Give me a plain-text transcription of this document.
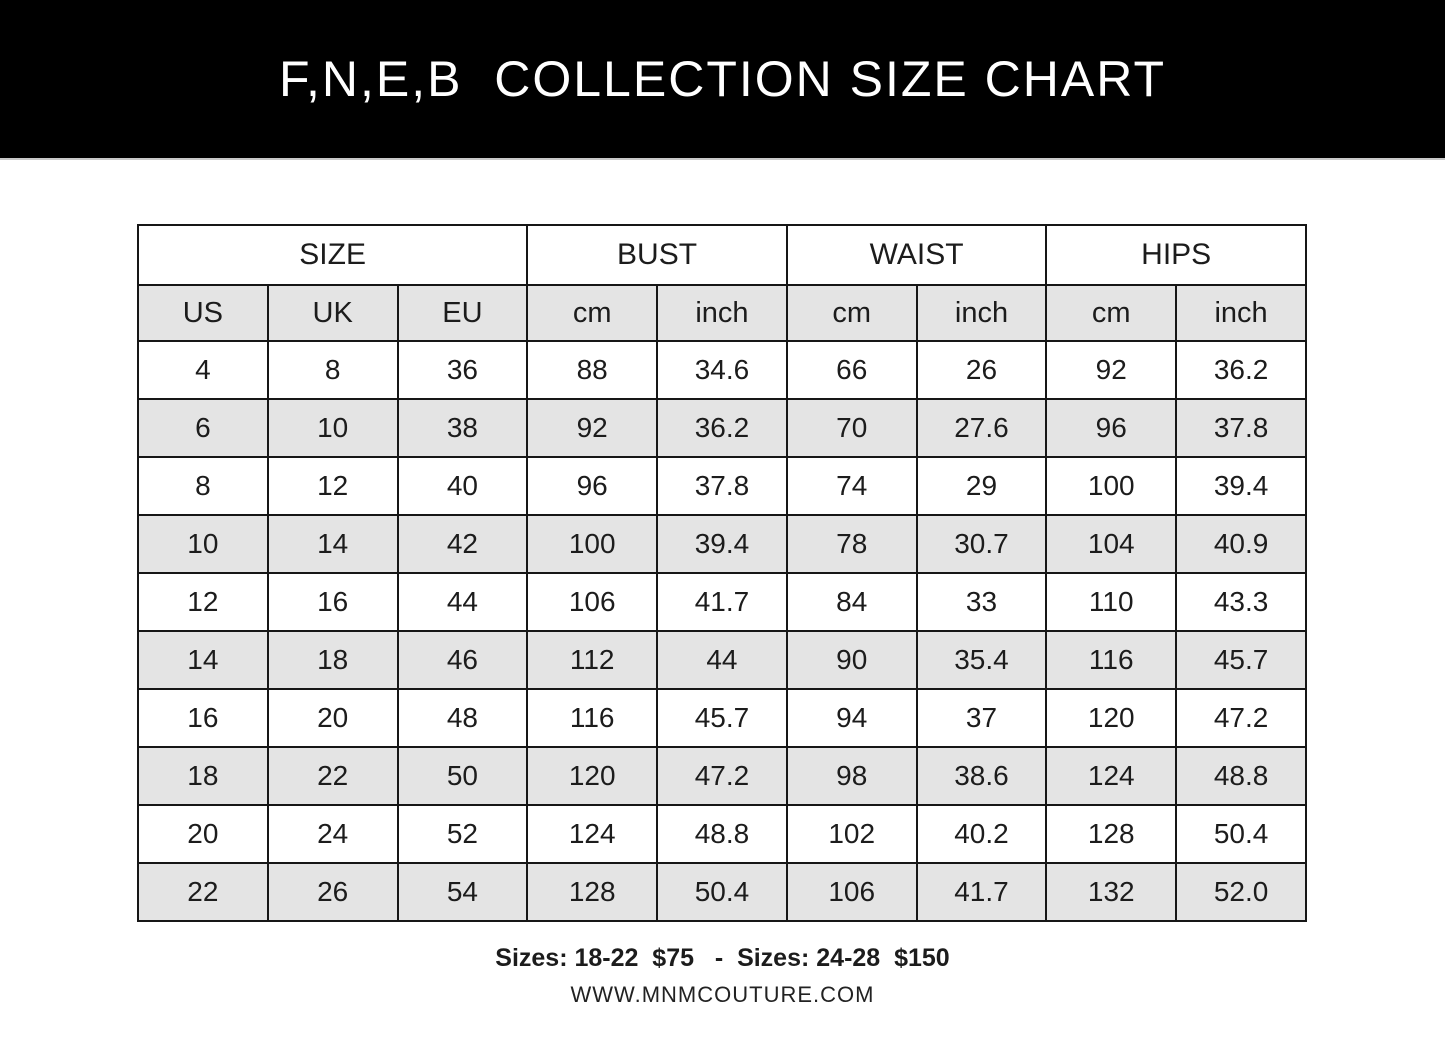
F,N,E,B  COLLECTION SIZE CHART
SIZE			BUST		WAIST		HIPS	
US	UK	EU	cm	inch	cm	inch	cm	inch
4	8	36	88	34.6	66	26	92	36.2
6	10	38	92	36.2	70	27.6	96	37.8
8	12	40	96	37.8	74	29	100	39.4
10	14	42	100	39.4	78	30.7	104	40.9
12	16	44	106	41.7	84	33	110	43.3
14	18	46	112	44	90	35.4	116	45.7
16	20	48	116	45.7	94	37	120	47.2
18	22	50	120	47.2	98	38.6	124	48.8
20	24	52	124	48.8	102	40.2	128	50.4
22	26	54	128	50.4	106	41.7	132	52.0

Sizes: 18-22  $75   -  Sizes: 24-28  $150

WWW.MNMCOUTURE.COM
